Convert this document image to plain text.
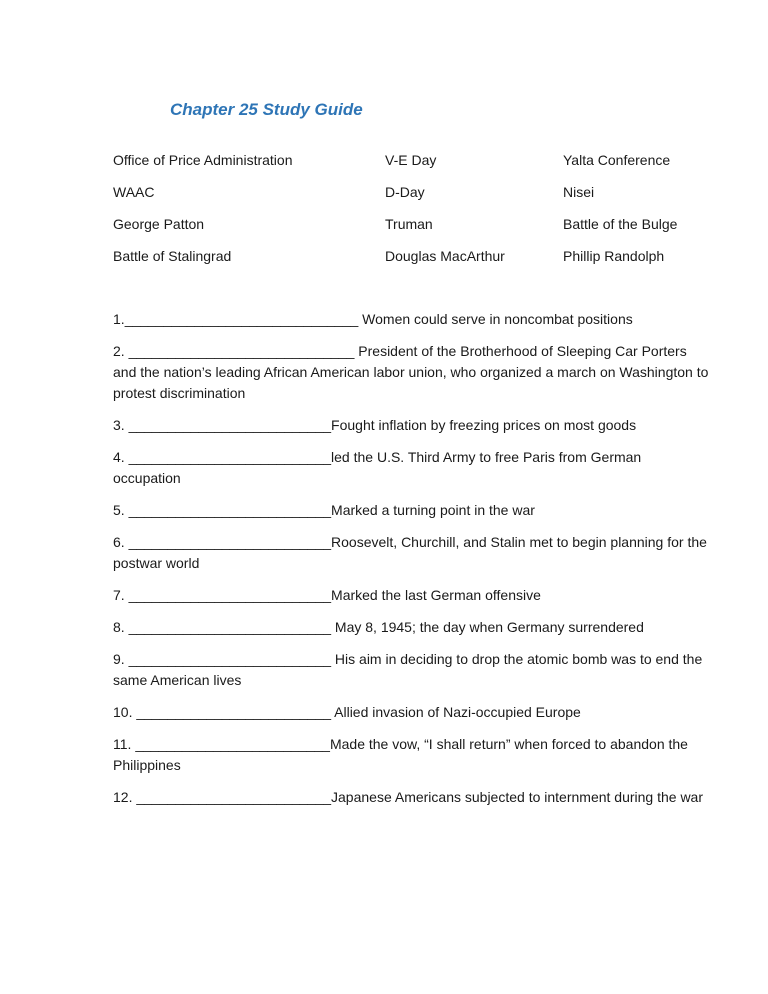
Chapter 25 Study Guide
Office of Price Administration	V-E Day	Yalta Conference
WAAC	D-Day	Nisei
George Patton	Truman	Battle of the Bulge
Battle of Stalingrad	Douglas MacArthur	Phillip Randolph

1.______________________________ Women could serve in noncombat positions

2. _____________________________ President of the Brotherhood of Sleeping Car Porters and the nation’s leading African American labor union, who organized a march on Washington to protest discrimination

3. __________________________Fought inflation by freezing prices on most goods

4. __________________________led the U.S. Third Army to free Paris from German occupation

5. __________________________Marked a turning point in the war

6. __________________________Roosevelt, Churchill, and Stalin met to begin planning for the postwar world

7. __________________________Marked the last German offensive

8. __________________________ May 8, 1945; the day when Germany surrendered

9. __________________________ His aim in deciding to drop the atomic bomb was to end the same American lives

10. _________________________ Allied invasion of Nazi-occupied Europe

11. _________________________Made the vow, “I shall return” when forced to abandon the Philippines

12. _________________________Japanese Americans subjected to internment during the war
